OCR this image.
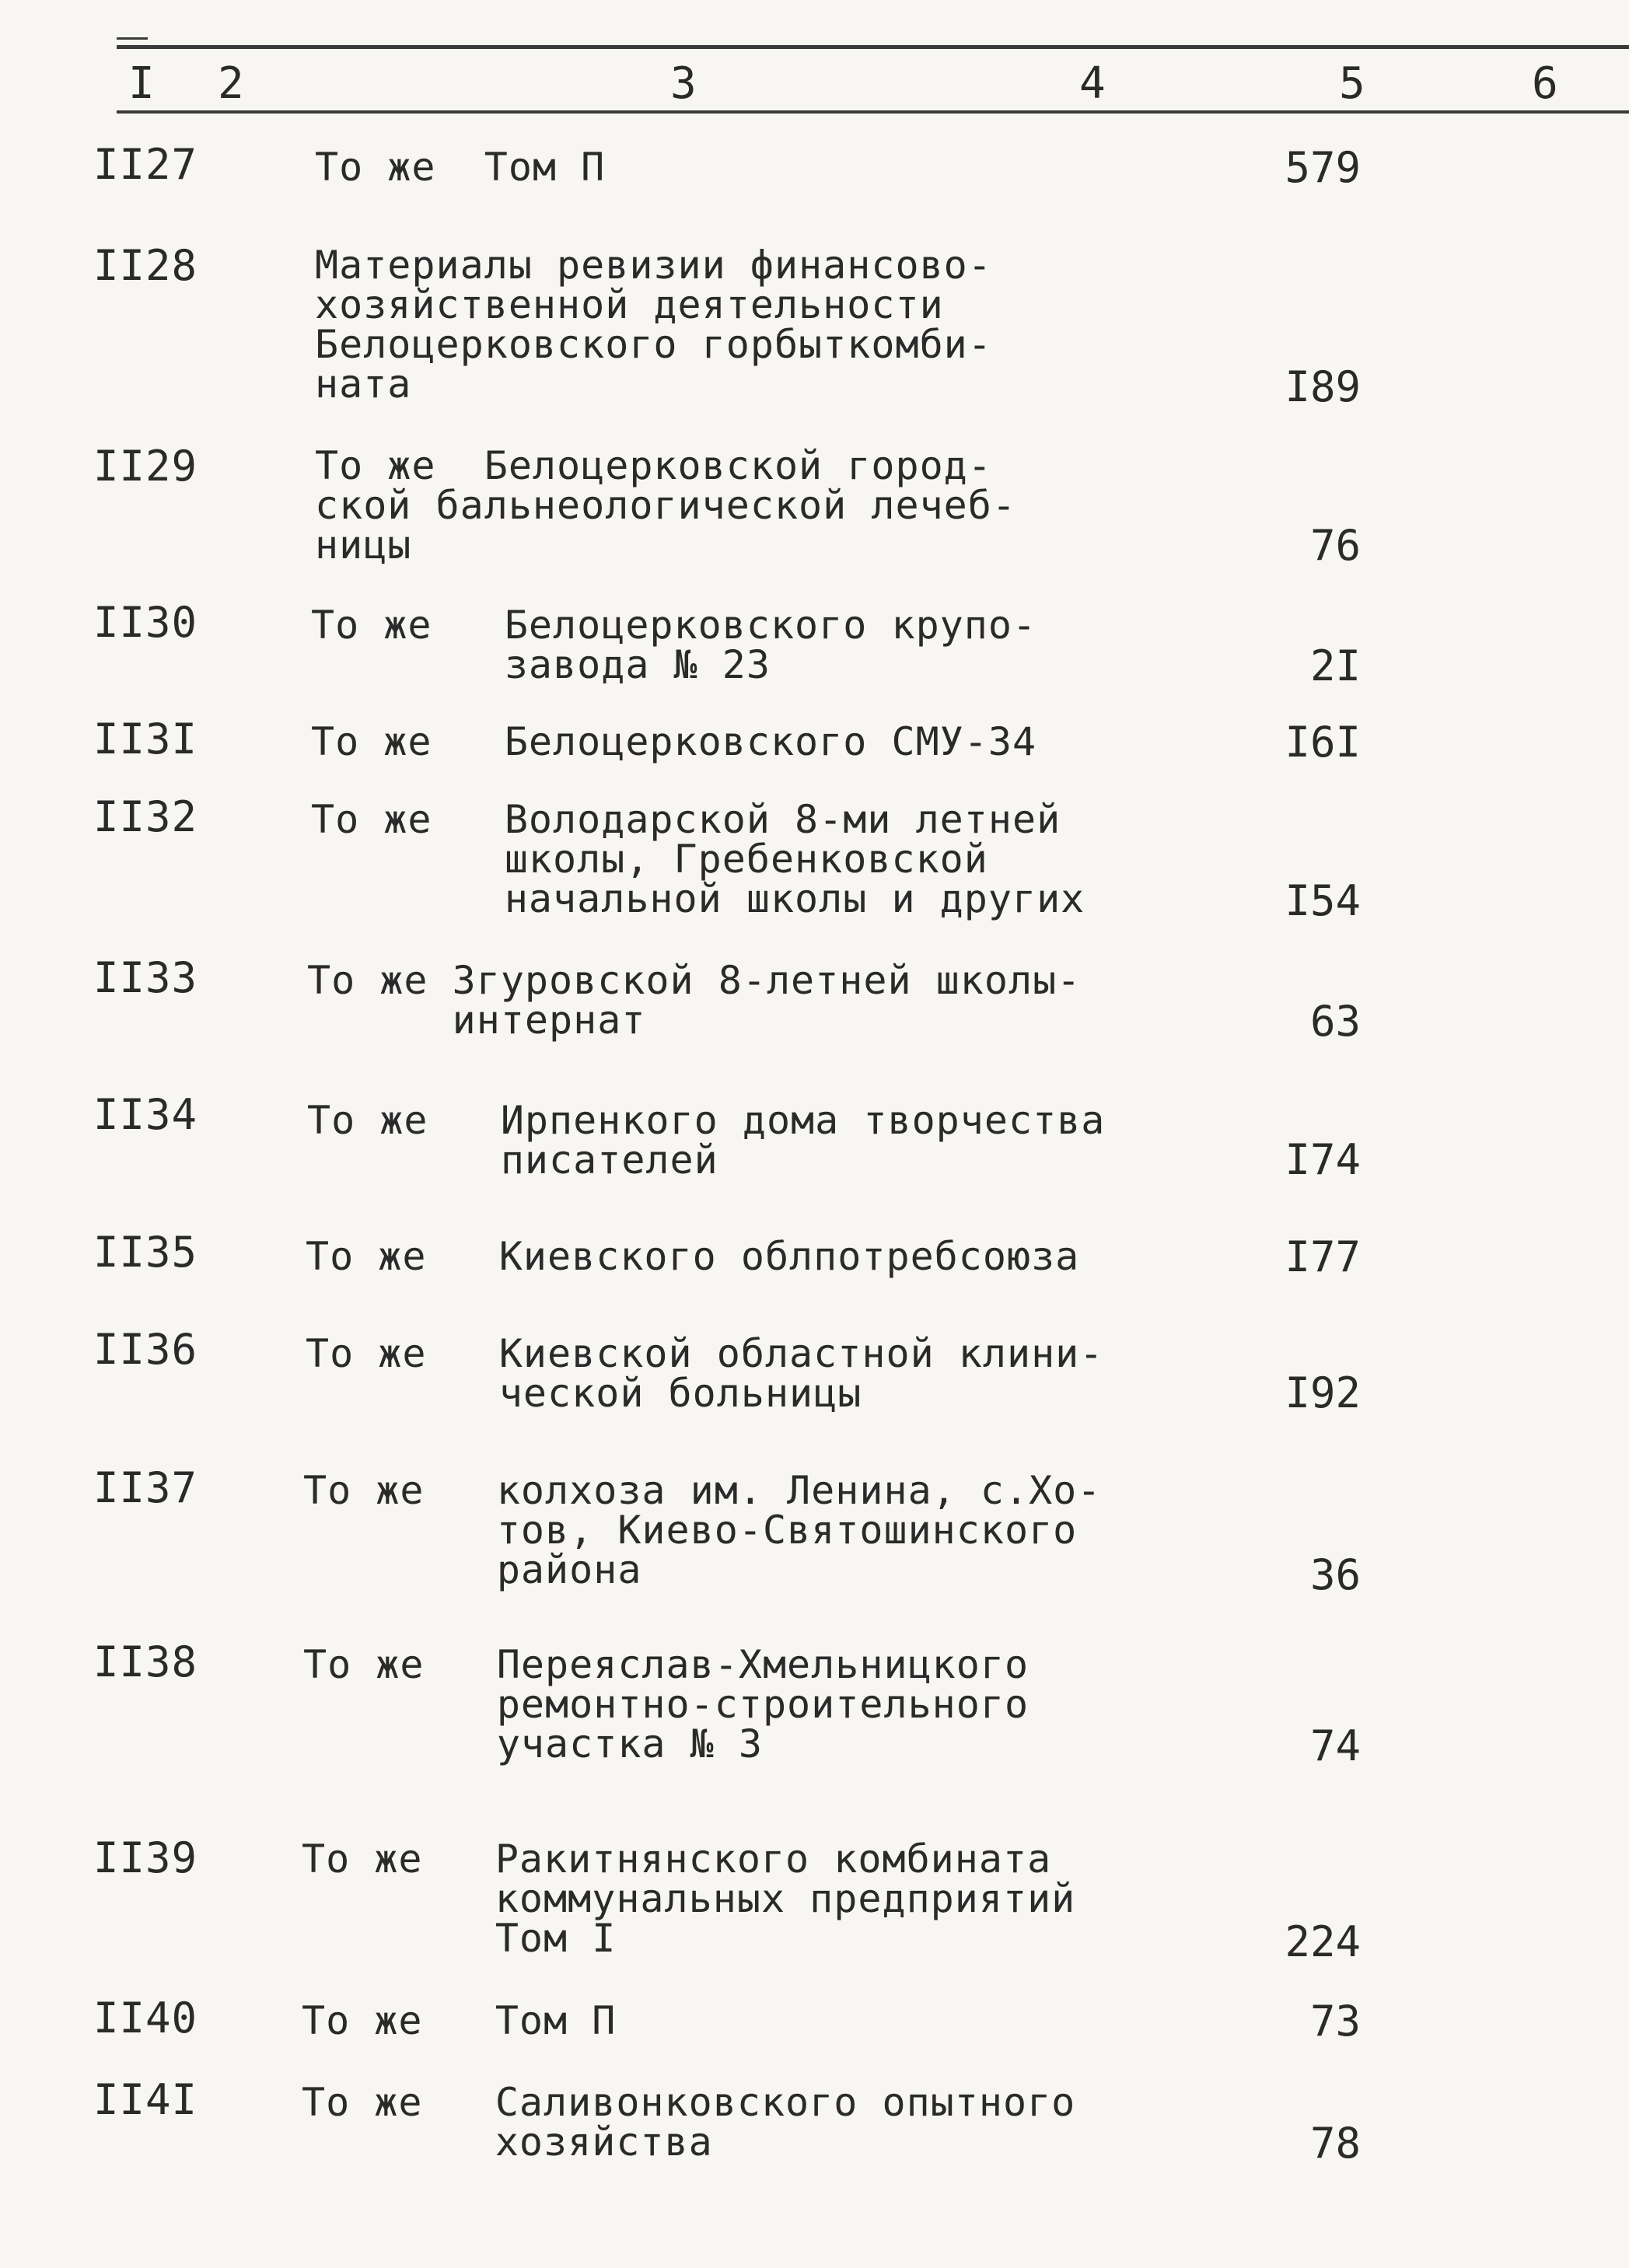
I 2	3	4	5	6
II27	То же  Том П	579
II28	Материалы ревизии финансово-
хозяйственной деятельности
Белоцерковского горбыткомби-
ната	I89
II29	То же  Белоцерковской город-
ской бальнеологической лечеб-
ницы	76
II30	То же   Белоцерковского крупо-
завода № 23	2I
II3I	То же   Белоцерковского СМУ-34	I6I
II32	То же   Володарской 8-ми летней
школы, Гребенковской
начальной школы и других	I54
II33	То же Згуровской 8-летней школы-
интернат	63
II34	То же   Ирпенкого дома творчества
писателей	I74
II35	То же   Киевского облпотребсоюза	I77
II36	То же   Киевской областной клини-
ческой больницы	I92
II37	То же   колхоза им. Ленина, с.Хо-
тов, Киево-Святошинского
района	36
II38	То же   Переяслав-Хмельницкого
ремонтно-строительного
участка № 3	74
II39	То же   Ракитнянского комбината
коммунальных предприятий
Том I	224
II40	То же   Том П	73
II4I	То же   Саливонковского опытного
хозяйства	78
